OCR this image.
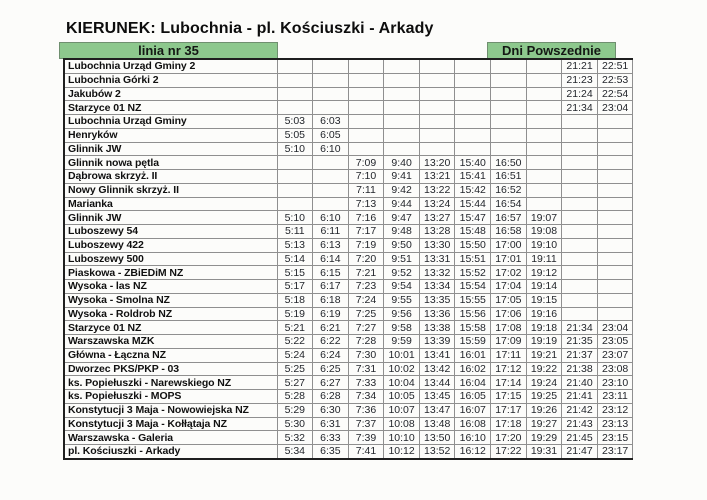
KIERUNEK: Lubochnia - pl. Kościuszki - Arkady
linia nr 35	Dni Powszednie
Lubochnia Urząd Gminy 2									21:21	22:51
Lubochnia Górki 2									21:23	22:53
Jakubów 2									21:24	22:54
Starzyce 01 NZ									21:34	23:04
Lubochnia Urząd Gminy	5:03	6:03								
Henryków	5:05	6:05								
Glinnik JW	5:10	6:10								
Glinnik nowa pętla			7:09	9:40	13:20	15:40	16:50			
Dąbrowa skrzyż. II			7:10	9:41	13:21	15:41	16:51			
Nowy Glinnik skrzyż. II			7:11	9:42	13:22	15:42	16:52			
Marianka			7:13	9:44	13:24	15:44	16:54			
Glinnik JW	5:10	6:10	7:16	9:47	13:27	15:47	16:57	19:07		
Luboszewy 54	5:11	6:11	7:17	9:48	13:28	15:48	16:58	19:08		
Luboszewy 422	5:13	6:13	7:19	9:50	13:30	15:50	17:00	19:10		
Luboszewy 500	5:14	6:14	7:20	9:51	13:31	15:51	17:01	19:11		
Piaskowa - ZBiEDiM NZ	5:15	6:15	7:21	9:52	13:32	15:52	17:02	19:12		
Wysoka - las NZ	5:17	6:17	7:23	9:54	13:34	15:54	17:04	19:14		
Wysoka - Smolna NZ	5:18	6:18	7:24	9:55	13:35	15:55	17:05	19:15		
Wysoka - Roldrob NZ	5:19	6:19	7:25	9:56	13:36	15:56	17:06	19:16		
Starzyce 01 NZ	5:21	6:21	7:27	9:58	13:38	15:58	17:08	19:18	21:34	23:04
Warszawska MZK	5:22	6:22	7:28	9:59	13:39	15:59	17:09	19:19	21:35	23:05
Główna - Łączna NZ	5:24	6:24	7:30	10:01	13:41	16:01	17:11	19:21	21:37	23:07
Dworzec PKS/PKP - 03	5:25	6:25	7:31	10:02	13:42	16:02	17:12	19:22	21:38	23:08
ks. Popiełuszki - Narewskiego NZ	5:27	6:27	7:33	10:04	13:44	16:04	17:14	19:24	21:40	23:10
ks. Popiełuszki - MOPS	5:28	6:28	7:34	10:05	13:45	16:05	17:15	19:25	21:41	23:11
Konstytucji 3 Maja - Nowowiejska NZ	5:29	6:30	7:36	10:07	13:47	16:07	17:17	19:26	21:42	23:12
Konstytucji 3 Maja - Kołłątaja NZ	5:30	6:31	7:37	10:08	13:48	16:08	17:18	19:27	21:43	23:13
Warszawska - Galeria	5:32	6:33	7:39	10:10	13:50	16:10	17:20	19:29	21:45	23:15
pl. Kościuszki - Arkady	5:34	6:35	7:41	10:12	13:52	16:12	17:22	19:31	21:47	23:17
